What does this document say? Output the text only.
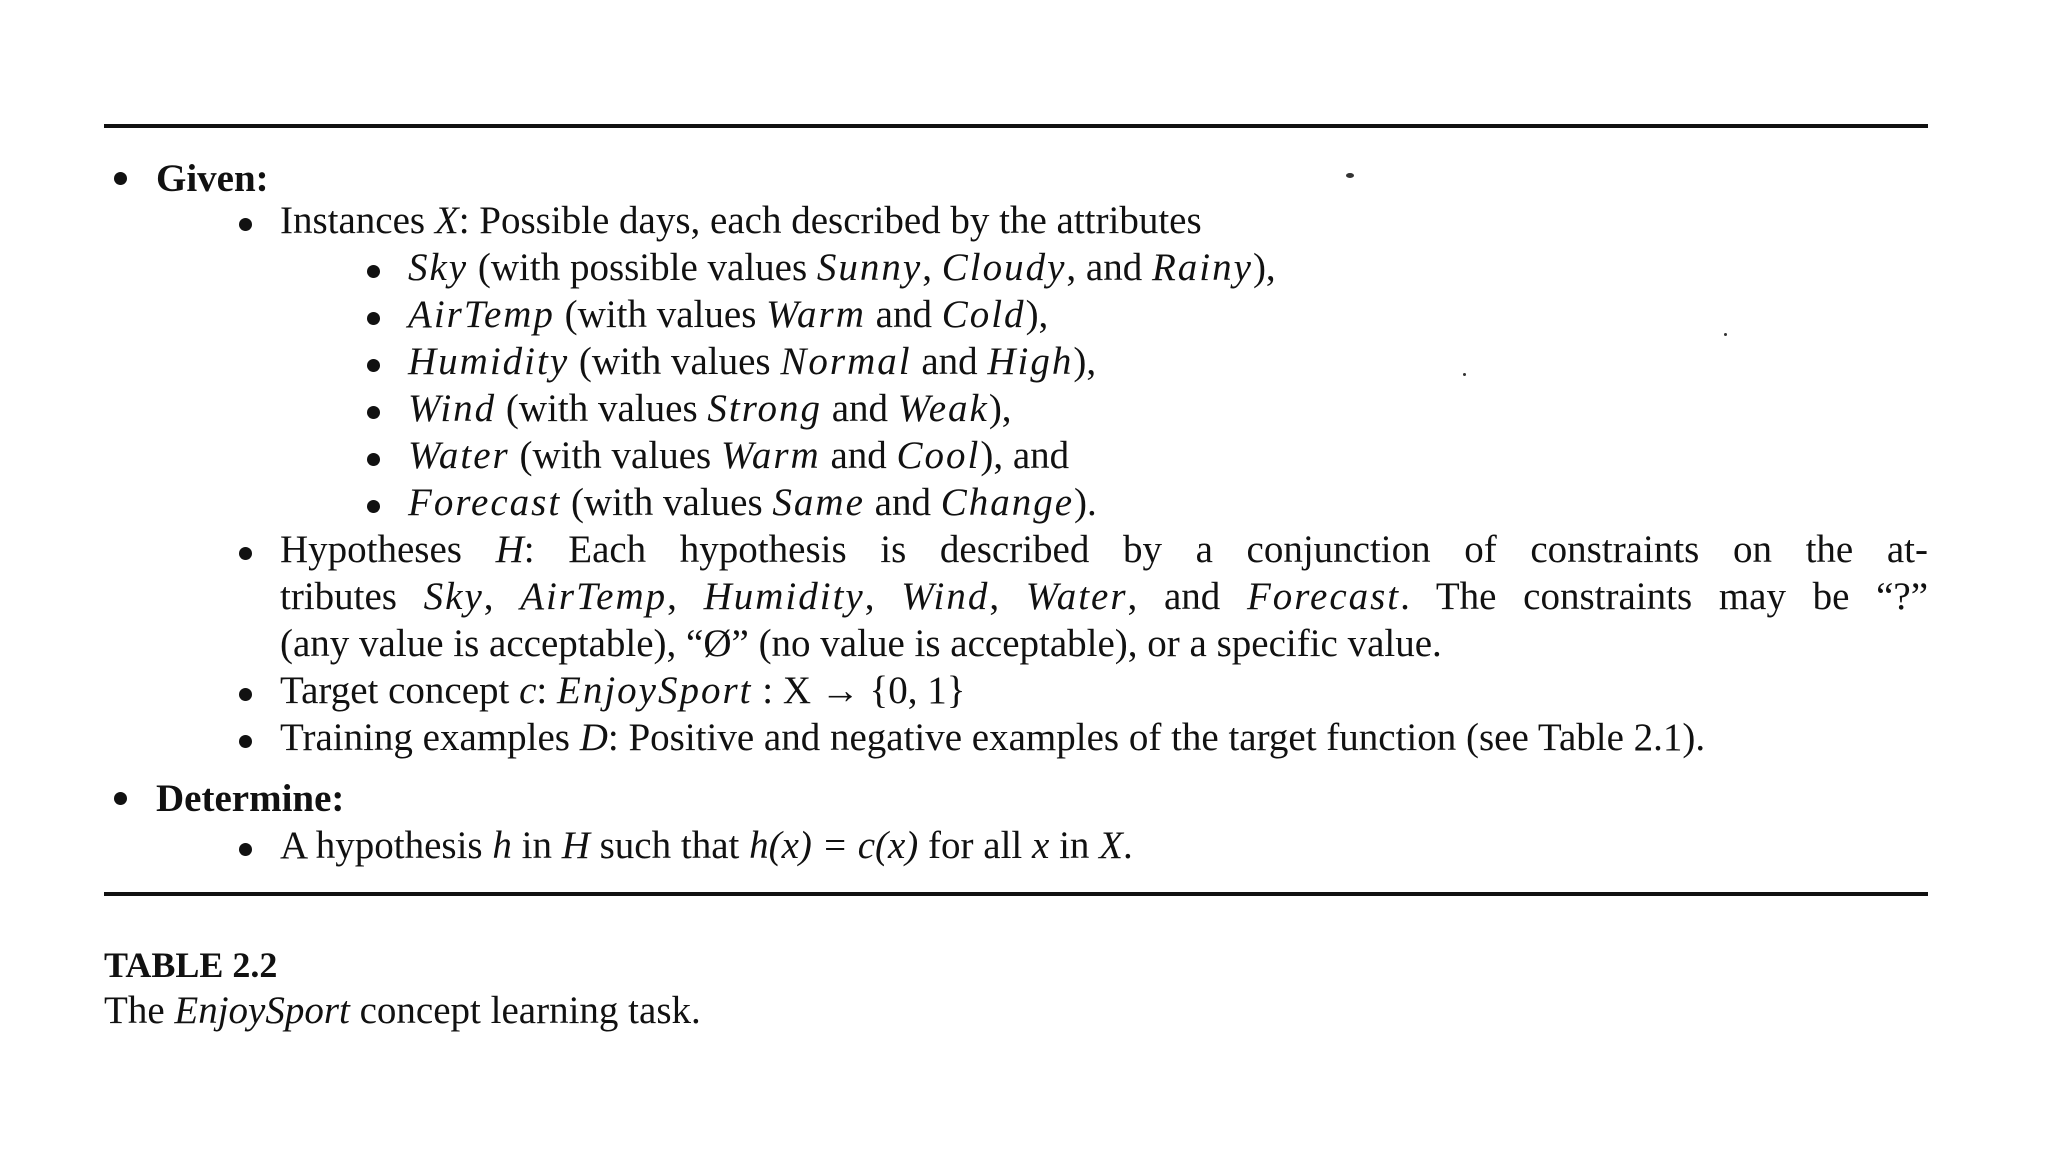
Given:
Instances X: Possible days, each described by the attributes
Sky (with possible values Sunny, Cloudy, and Rainy),
AirTemp (with values Warm and Cold),
Humidity (with values Normal and High),
Wind (with values Strong and Weak),
Water (with values Warm and Cool), and
Forecast (with values Same and Change).
Hypotheses H: Each hypothesis is described by a conjunction of constraints on the at-
tributes Sky, AirTemp, Humidity, Wind, Water, and Forecast. The constraints may be “?”
(any value is acceptable), “Ø” (no value is acceptable), or a specific value.
Target concept c: EnjoySport : X → {0, 1}
Training examples D: Positive and negative examples of the target function (see Table 2.1).
Determine:
A hypothesis h in H such that h(x) = c(x) for all x in X.
TABLE 2.2
The EnjoySport concept learning task.
